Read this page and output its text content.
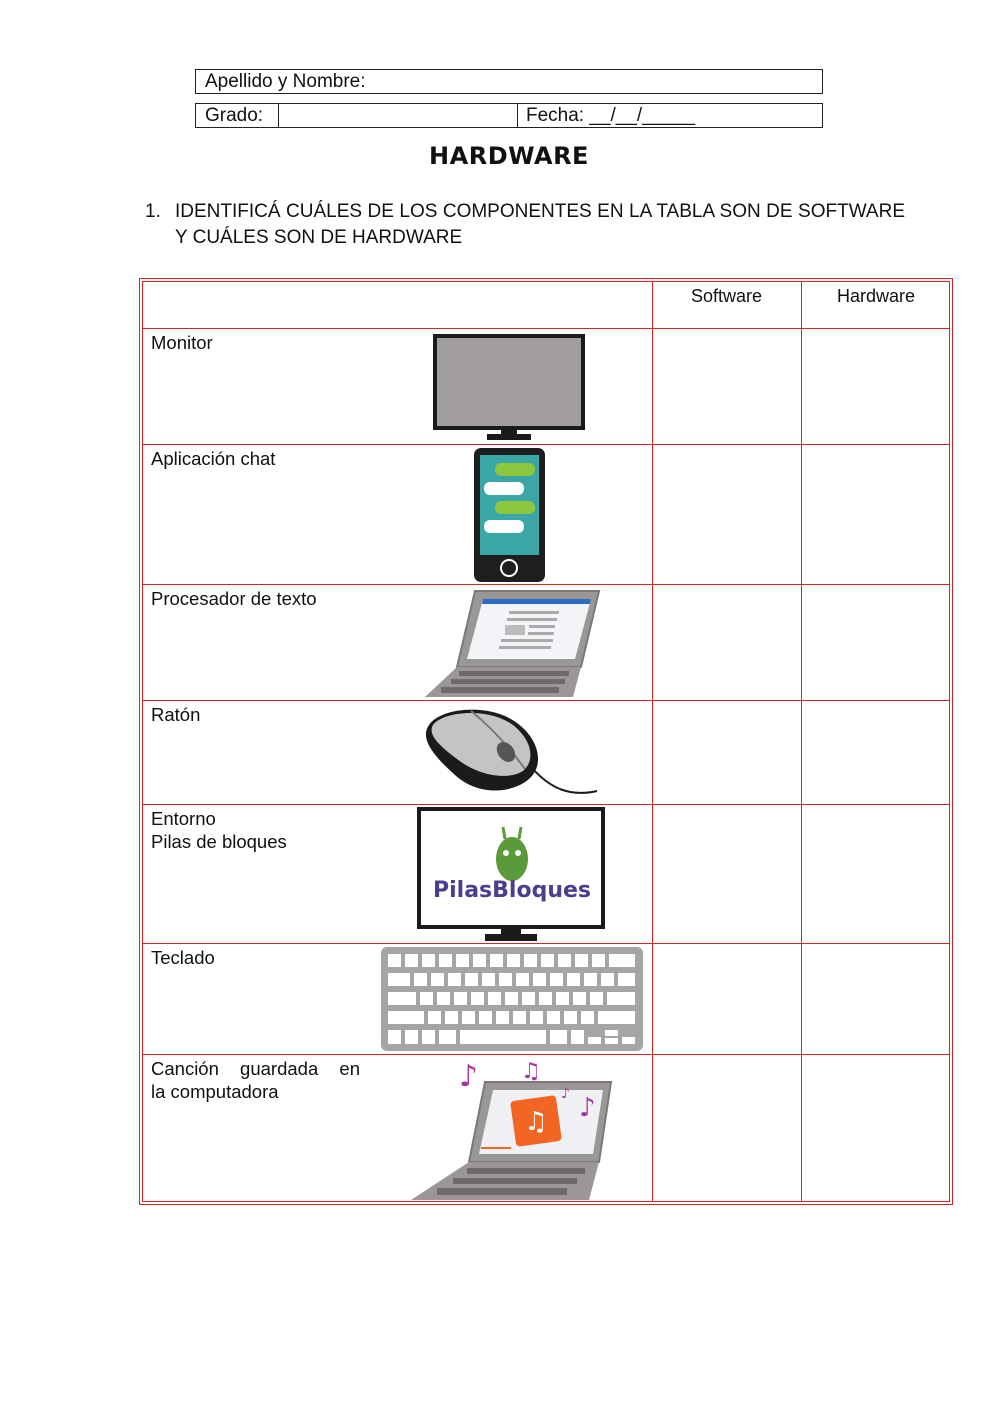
Apellido y Nombre:
Grado:	Fecha: __/__/_____
HARDWARE
1. IDENTIFICÁ CUÁLES DE LOS COMPONENTES EN LA TABLA SON DE SOFTWARE Y CUÁLES SON DE HARDWARE
Software	Hardware
Monitor
Aplicación chat
Procesador de texto
Ratón
Entorno
Pilas de bloques
Teclado
Canción guardada en
la computadora
PilasBloques
♫
♪ ♫
♪ ♪
